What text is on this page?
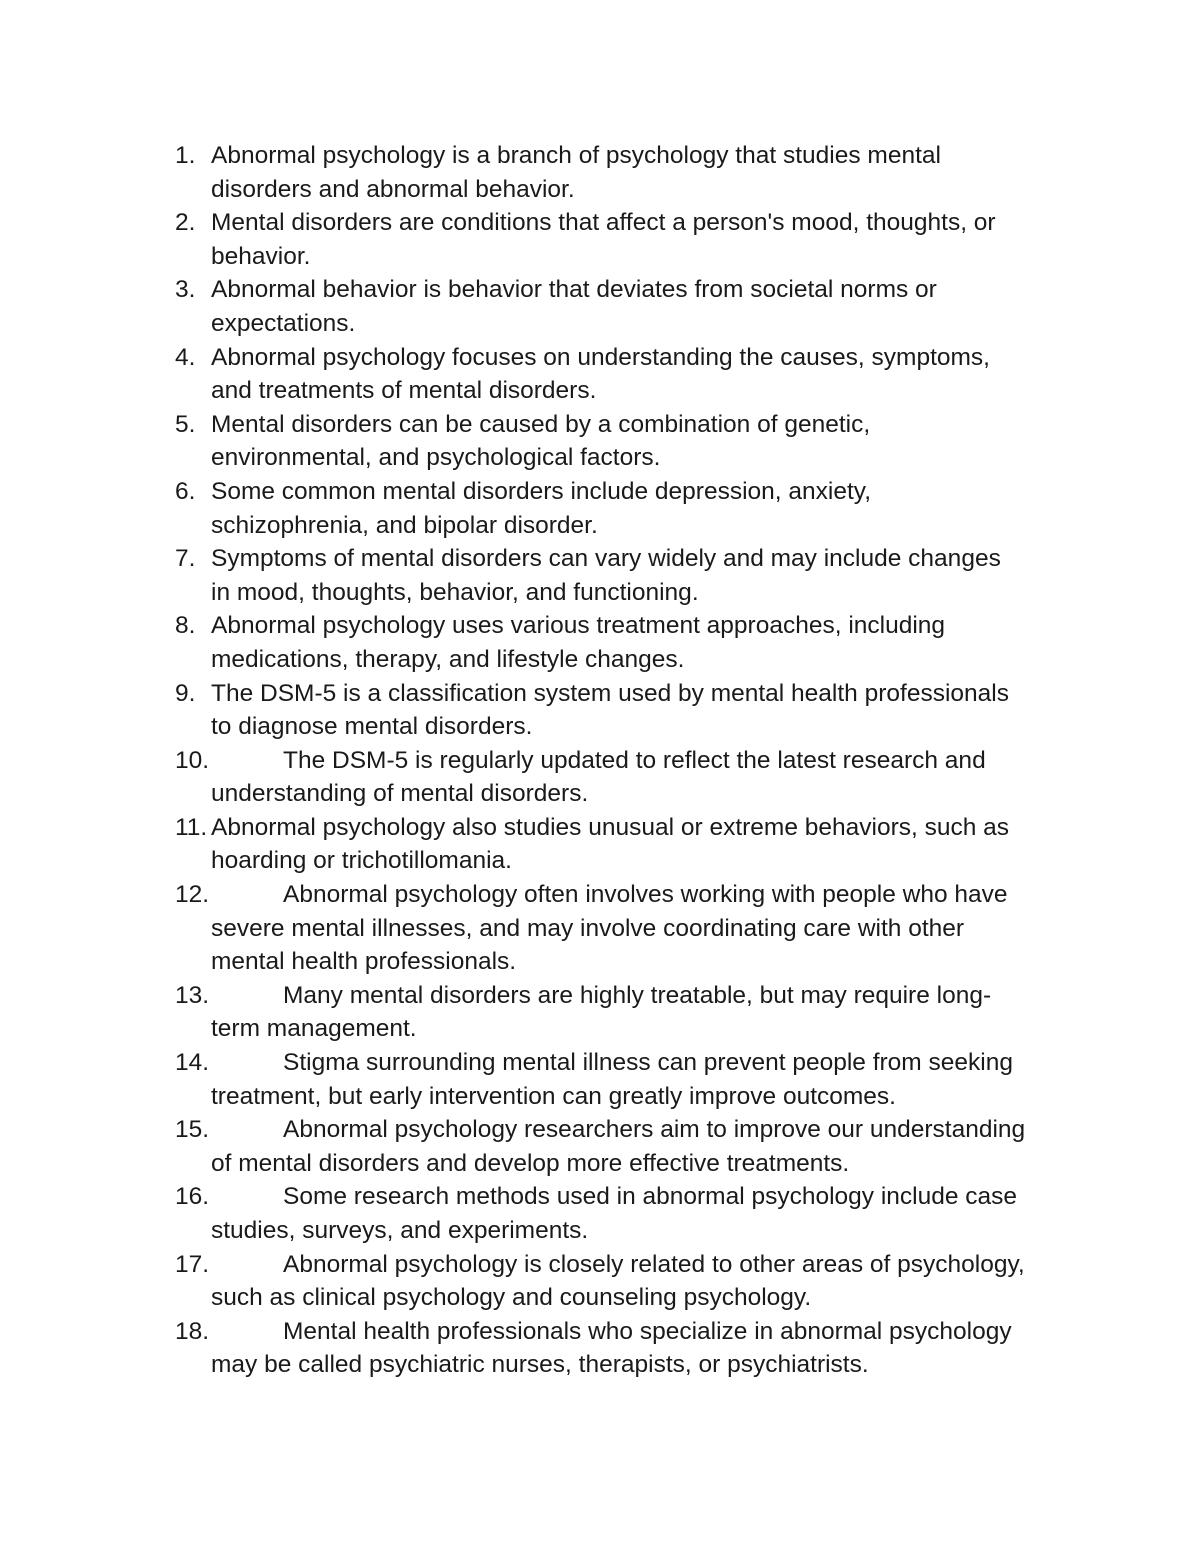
1. Abnormal psychology is a branch of psychology that studies mental
disorders and abnormal behavior.
2. Mental disorders are conditions that affect a person's mood, thoughts, or
behavior.
3. Abnormal behavior is behavior that deviates from societal norms or
expectations.
4. Abnormal psychology focuses on understanding the causes, symptoms,
and treatments of mental disorders.
5. Mental disorders can be caused by a combination of genetic,
environmental, and psychological factors.
6. Some common mental disorders include depression, anxiety,
schizophrenia, and bipolar disorder.
7. Symptoms of mental disorders can vary widely and may include changes
in mood, thoughts, behavior, and functioning.
8. Abnormal psychology uses various treatment approaches, including
medications, therapy, and lifestyle changes.
9. The DSM-5 is a classification system used by mental health professionals
to diagnose mental disorders.
10.	The DSM-5 is regularly updated to reflect the latest research and
understanding of mental disorders.
11. Abnormal psychology also studies unusual or extreme behaviors, such as
hoarding or trichotillomania.
12.	Abnormal psychology often involves working with people who have
severe mental illnesses, and may involve coordinating care with other
mental health professionals.
13.	Many mental disorders are highly treatable, but may require long-
term management.
14.	Stigma surrounding mental illness can prevent people from seeking
treatment, but early intervention can greatly improve outcomes.
15.	Abnormal psychology researchers aim to improve our understanding
of mental disorders and develop more effective treatments.
16.	Some research methods used in abnormal psychology include case
studies, surveys, and experiments.
17.	Abnormal psychology is closely related to other areas of psychology,
such as clinical psychology and counseling psychology.
18.	Mental health professionals who specialize in abnormal psychology
may be called psychiatric nurses, therapists, or psychiatrists.
